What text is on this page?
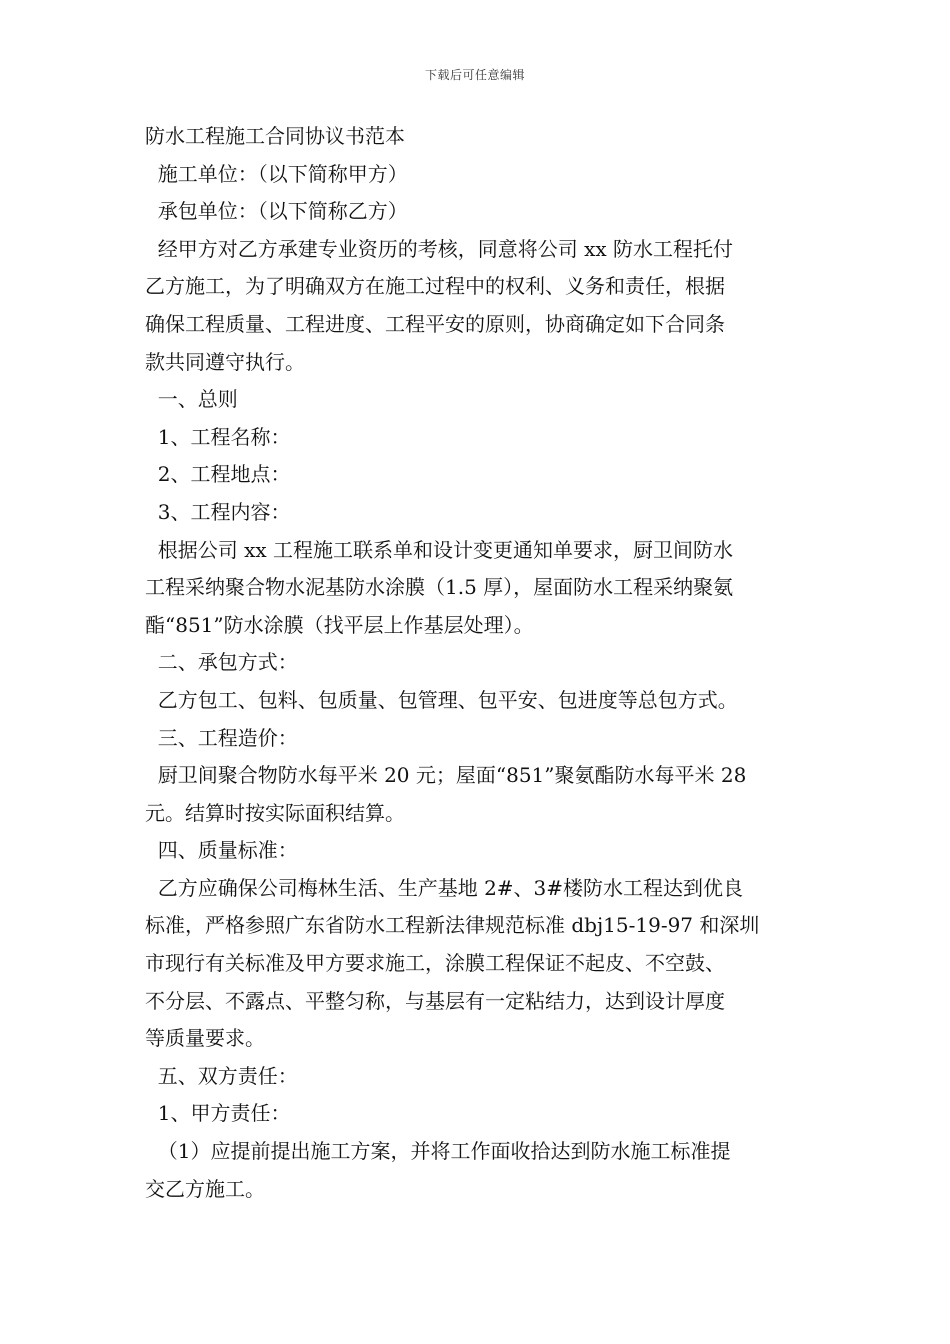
下载后可任意编辑

防水工程施工合同协议书范本

施工单位：（以下简称甲方）

承包单位：（以下简称乙方）

经甲方对乙方承建专业资历的考核，同意将公司 xx 防水工程托付

乙方施工，为了明确双方在施工过程中的权利、义务和责任，根据

确保工程质量、工程进度、工程平安的原则，协商确定如下合同条

款共同遵守执行。

一、总则

1、工程名称：

2、工程地点：

3、工程内容：

根据公司 xx 工程施工联系单和设计变更通知单要求，厨卫间防水

工程采纳聚合物水泥基防水涂膜（1.5 厚），屋面防水工程采纳聚氨

酯“851”防水涂膜（找平层上作基层处理）。

二、承包方式：

乙方包工、包料、包质量、包管理、包平安、包进度等总包方式。

三、工程造价：

厨卫间聚合物防水每平米 20 元；屋面“851”聚氨酯防水每平米 28

元。结算时按实际面积结算。

四、质量标准：

乙方应确保公司梅林生活、生产基地 2#、3#楼防水工程达到优良

标准，严格参照广东省防水工程新法律规范标准 dbj15-19-97 和深圳

市现行有关标准及甲方要求施工，涂膜工程保证不起皮、不空鼓、

不分层、不露点、平整匀称，与基层有一定粘结力，达到设计厚度

等质量要求。

五、双方责任：

1、甲方责任：

（1）应提前提出施工方案，并将工作面收拾达到防水施工标准提

交乙方施工。
